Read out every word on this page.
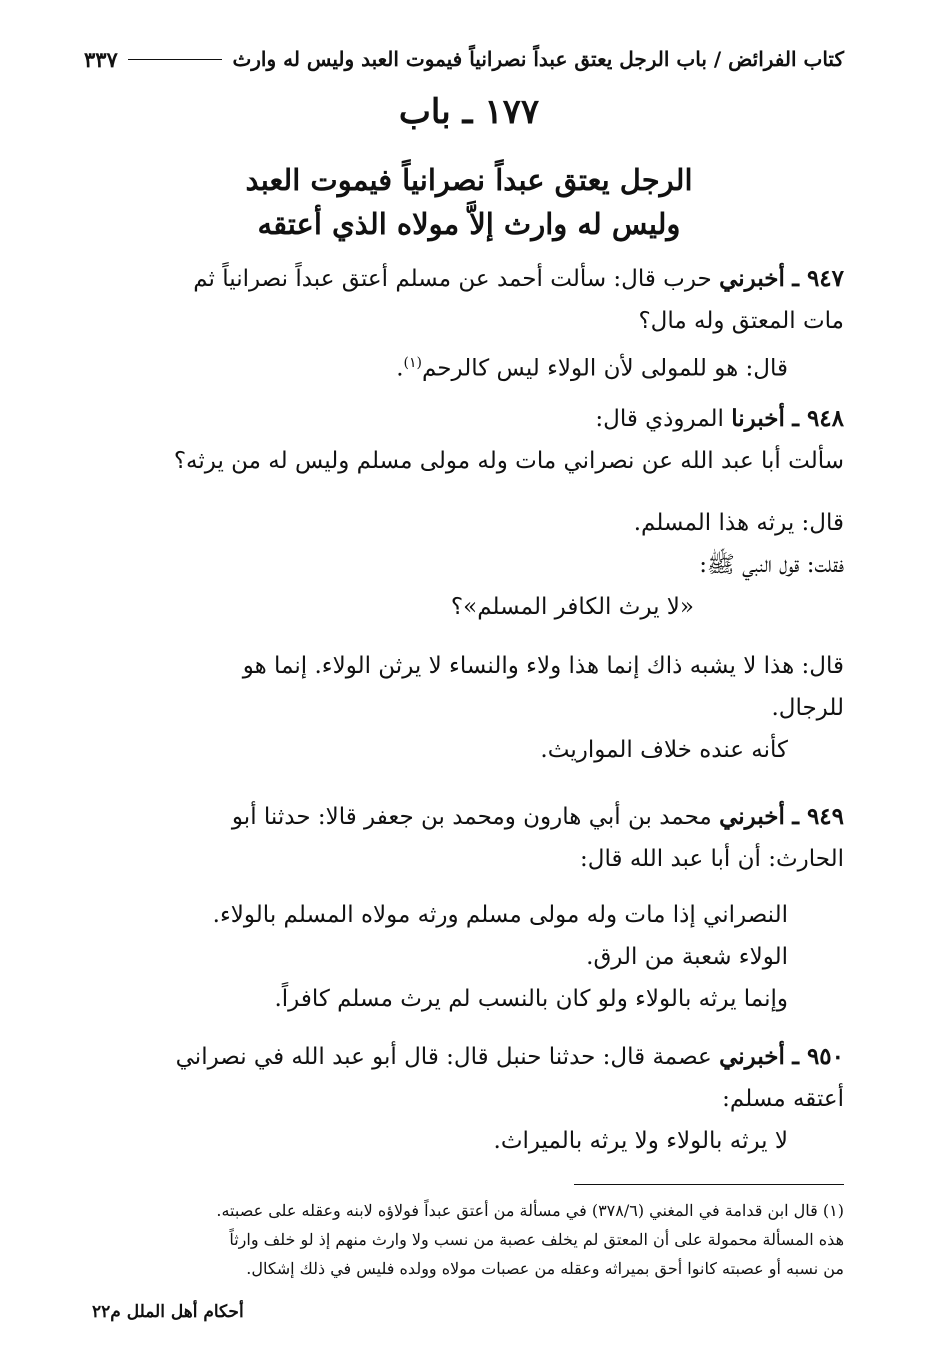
كتاب الفرائض / باب الرجل يعتق عبداً نصرانياً فيموت العبد وليس له وارث
٣٣٧
١٧٧ ـ باب
الرجل يعتق عبداً نصرانياً فيموت العبد
وليس له وارث إلاَّ مولاه الذي أعتقه
٩٤٧ ـ أخبرني حرب قال: سألت أحمد عن مسلم أعتق عبداً نصرانياً ثم
مات المعتق وله مال؟
قال: هو للمولى لأن الولاء ليس كالرحم$^{(١)}$.
٩٤٨ ـ أخبرنا المروذي قال:
سألت أبا عبد الله عن نصراني مات وله مولى مسلم وليس له من يرثه؟
قال: يرثه هذا المسلم.
فقلت: قول النبي ﷺ:
«لا يرث الكافر المسلم»؟
قال: هذا لا يشبه ذاك إنما هذا ولاء والنساء لا يرثن الولاء. إنما هو
للرجال.
كأنه عنده خلاف المواريث.
٩٤٩ ـ أخبرني محمد بن أبي هارون ومحمد بن جعفر قالا: حدثنا أبو
الحارث: أن أبا عبد الله قال:
النصراني إذا مات وله مولى مسلم ورثه مولاه المسلم بالولاء.
الولاء شعبة من الرق.
وإنما يرثه بالولاء ولو كان بالنسب لم يرث مسلم كافراً.
٩٥٠ ـ أخبرني عصمة قال: حدثنا حنبل قال: قال أبو عبد الله في نصراني
أعتقه مسلم:
لا يرثه بالولاء ولا يرثه بالميراث.
(١) قال ابن قدامة في المغني (٣٧٨/٦) في مسألة من أعتق عبداً فولاؤه لابنه وعقله على عصبته.
هذه المسألة محمولة على أن المعتق لم يخلف عصبة من نسب ولا وارث منهم إذ لو خلف وارثاً
من نسبه أو عصبته كانوا أحق بميراثه وعقله من عصبات مولاه وولده فليس في ذلك إشكال.
أحكام أهل الملل م٢٢
